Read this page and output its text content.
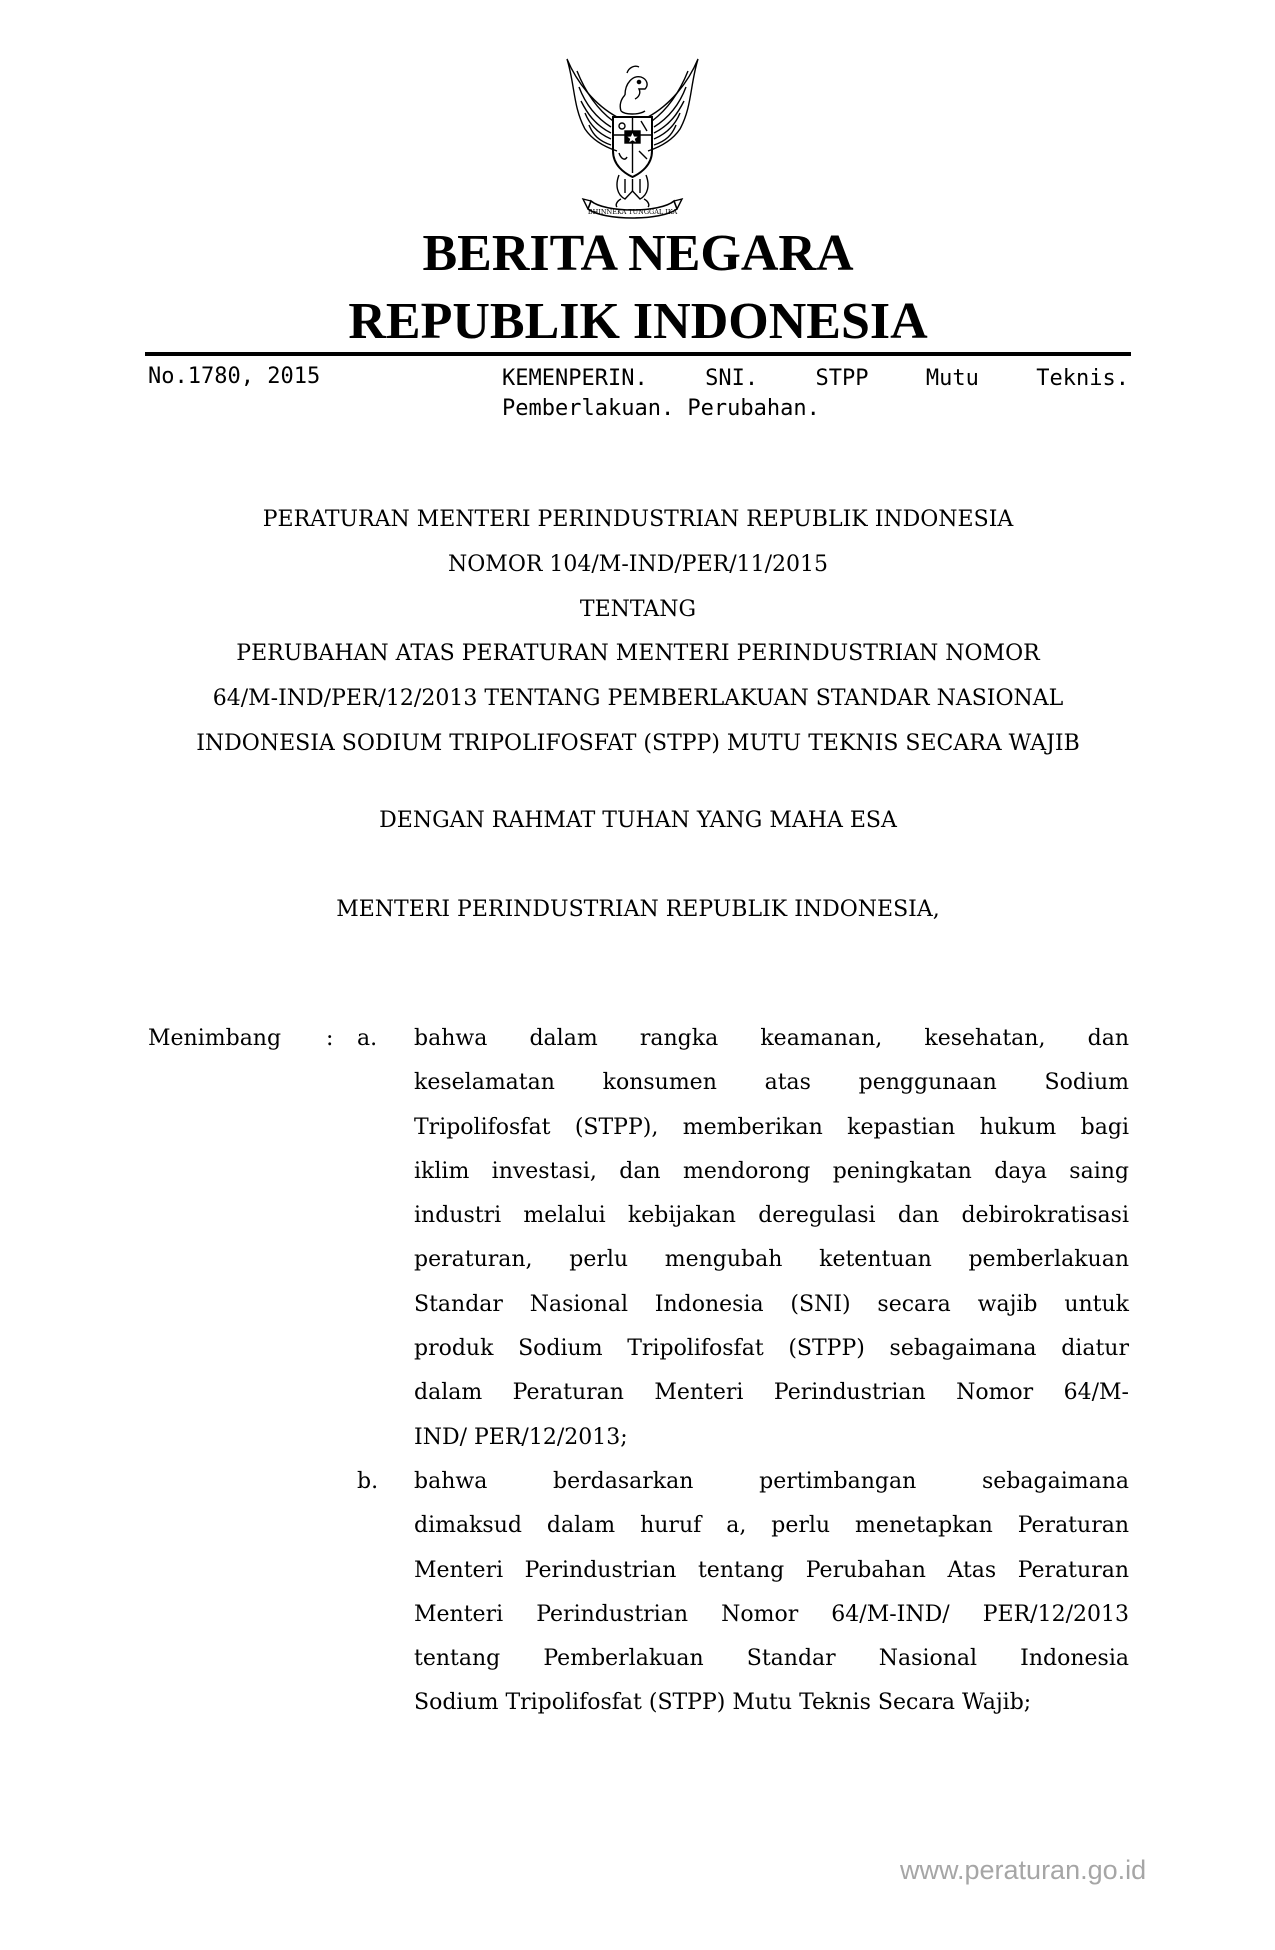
BHINNEKA TUNGGAL IKA
BERITA NEGARA
REPUBLIK INDONESIA
No.1780, 2015	KEMENPERIN.	SNI.	STPP	Mutu	Teknis.
Pemberlakuan. Perubahan.
PERATURAN MENTERI PERINDUSTRIAN REPUBLIK INDONESIA
NOMOR 104/M-IND/PER/11/2015
TENTANG
PERUBAHAN ATAS PERATURAN MENTERI PERINDUSTRIAN NOMOR
64/M-IND/PER/12/2013 TENTANG PEMBERLAKUAN STANDAR NASIONAL
INDONESIA SODIUM TRIPOLIFOSFAT (STPP) MUTU TEKNIS SECARA WAJIB
DENGAN RAHMAT TUHAN YANG MAHA ESA
MENTERI PERINDUSTRIAN REPUBLIK INDONESIA,
Menimbang : a. bahwa dalam rangka keamanan, kesehatan, dan
keselamatan konsumen atas penggunaan Sodium
Tripolifosfat (STPP), memberikan kepastian hukum bagi
iklim investasi, dan mendorong peningkatan daya saing
industri melalui kebijakan deregulasi dan debirokratisasi
peraturan, perlu mengubah ketentuan pemberlakuan
Standar Nasional Indonesia (SNI) secara wajib untuk
produk Sodium Tripolifosfat (STPP) sebagaimana diatur
dalam Peraturan Menteri Perindustrian Nomor 64/M-
IND/ PER/12/2013;
b. bahwa berdasarkan pertimbangan sebagaimana
dimaksud dalam huruf a, perlu menetapkan Peraturan
Menteri Perindustrian tentang Perubahan Atas Peraturan
Menteri Perindustrian Nomor 64/M-IND/ PER/12/2013
tentang Pemberlakuan Standar Nasional Indonesia
Sodium Tripolifosfat (STPP) Mutu Teknis Secara Wajib;
www.peraturan.go.id
